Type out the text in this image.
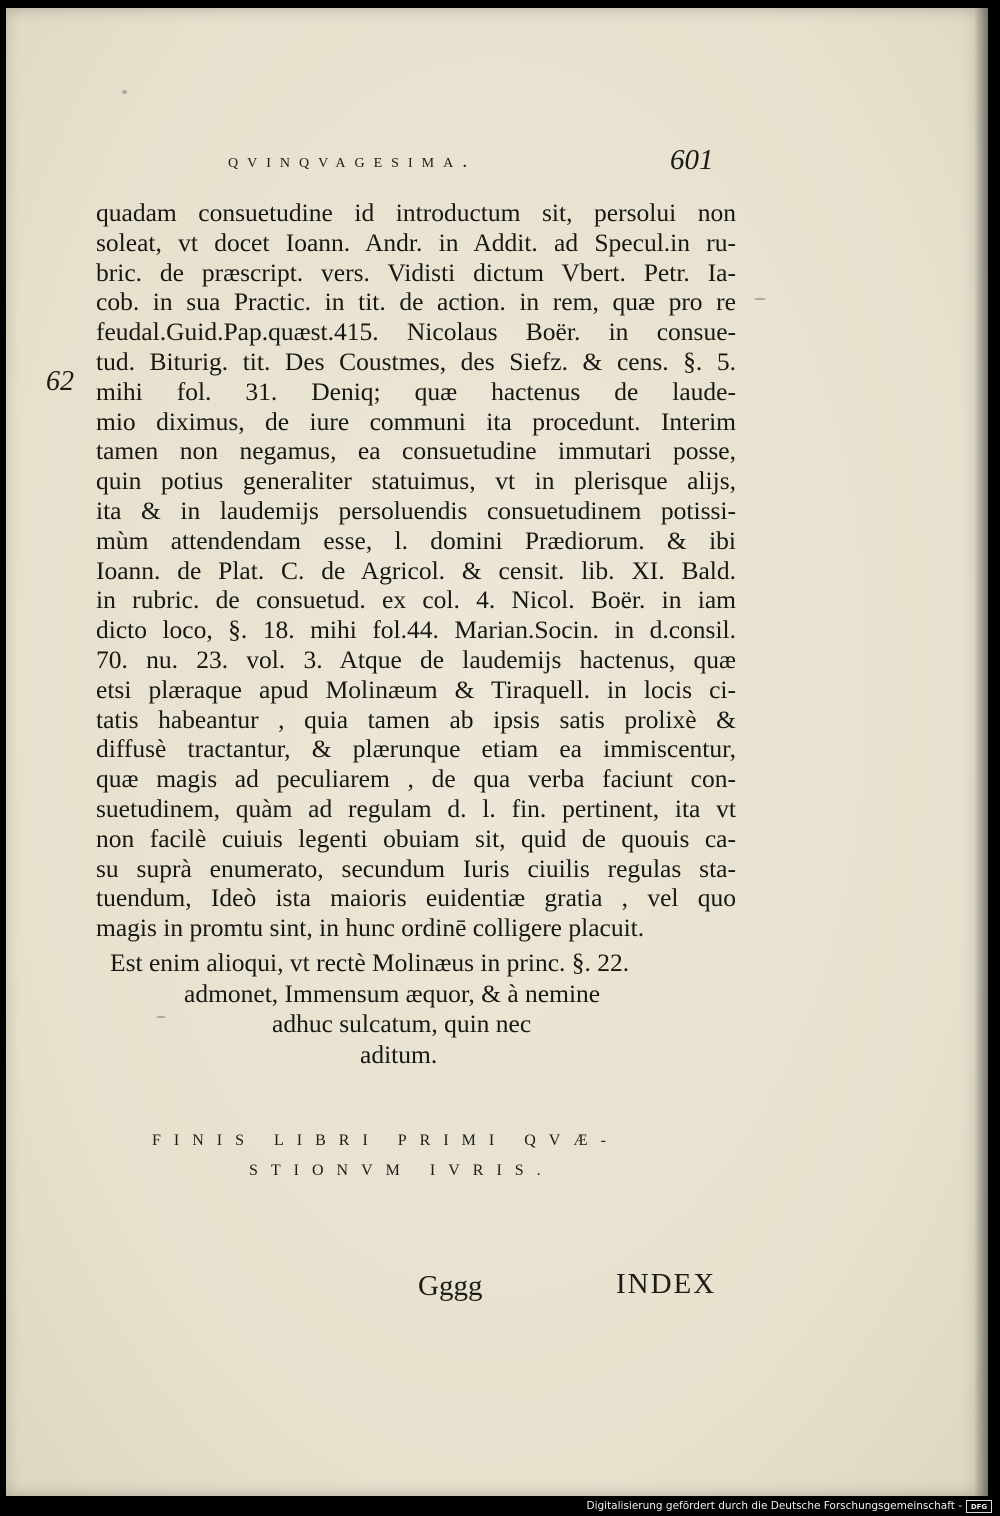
qvinqvagesima.	601
62
quadam consuetudine id introductum sit, persolui non
soleat, vt docet Ioann. Andr. in Addit. ad Specul.in ru-
bric. de præscript. vers. Vidisti dictum Vbert. Petr. Ia-
cob. in sua Practic. in tit. de action. in rem, quæ pro re
feudal.Guid.Pap.quæst.415. Nicolaus Boër. in consue-
tud. Biturig. tit. Des Coustmes, des Siefz. & cens. §. 5.
mihi fol. 31. Deniq; quæ hactenus de laude-
mio diximus, de iure communi ita procedunt. Interim
tamen non negamus, ea consuetudine immutari posse,
quin potius generaliter statuimus, vt in plerisque alijs,
ita & in laudemijs persoluendis consuetudinem potissi-
mùm attendendam esse, l. domini Prædiorum. & ibi
Ioann. de Plat. C. de Agricol. & censit. lib. XI. Bald.
in rubric. de consuetud. ex col. 4. Nicol. Boër. in iam
dicto loco, §. 18. mihi fol.44. Marian.Socin. in d.consil.
70. nu. 23. vol. 3. Atque de laudemijs hactenus, quæ
etsi plæraque apud Molinæum & Tiraquell. in locis ci-
tatis habeantur , quia tamen ab ipsis satis prolixè &
diffusè tractantur, & plærunque etiam ea immiscentur,
quæ magis ad peculiarem , de qua verba faciunt con-
suetudinem, quàm ad regulam d. l. fin. pertinent, ita vt
non facilè cuiuis legenti obuiam sit, quid de quouis ca-
su suprà enumerato, secundum Iuris ciuilis regulas sta-
tuendum, Ideò ista maioris euidentiæ gratia , vel quo
magis in promtu sint, in hunc ordinē colligere placuit.
Est enim alioqui, vt rectè Molinæus in princ. §. 22.
admonet, Immensum æquor, & à nemine
adhuc sulcatum, quin nec
aditum.
FINIS LIBRI PRIMI QVÆ-
STIONVM IVRIS.
Gggg	INDEX
Digitalisierung gefördert durch die Deutsche Forschungsgemeinschaft -	DFG
